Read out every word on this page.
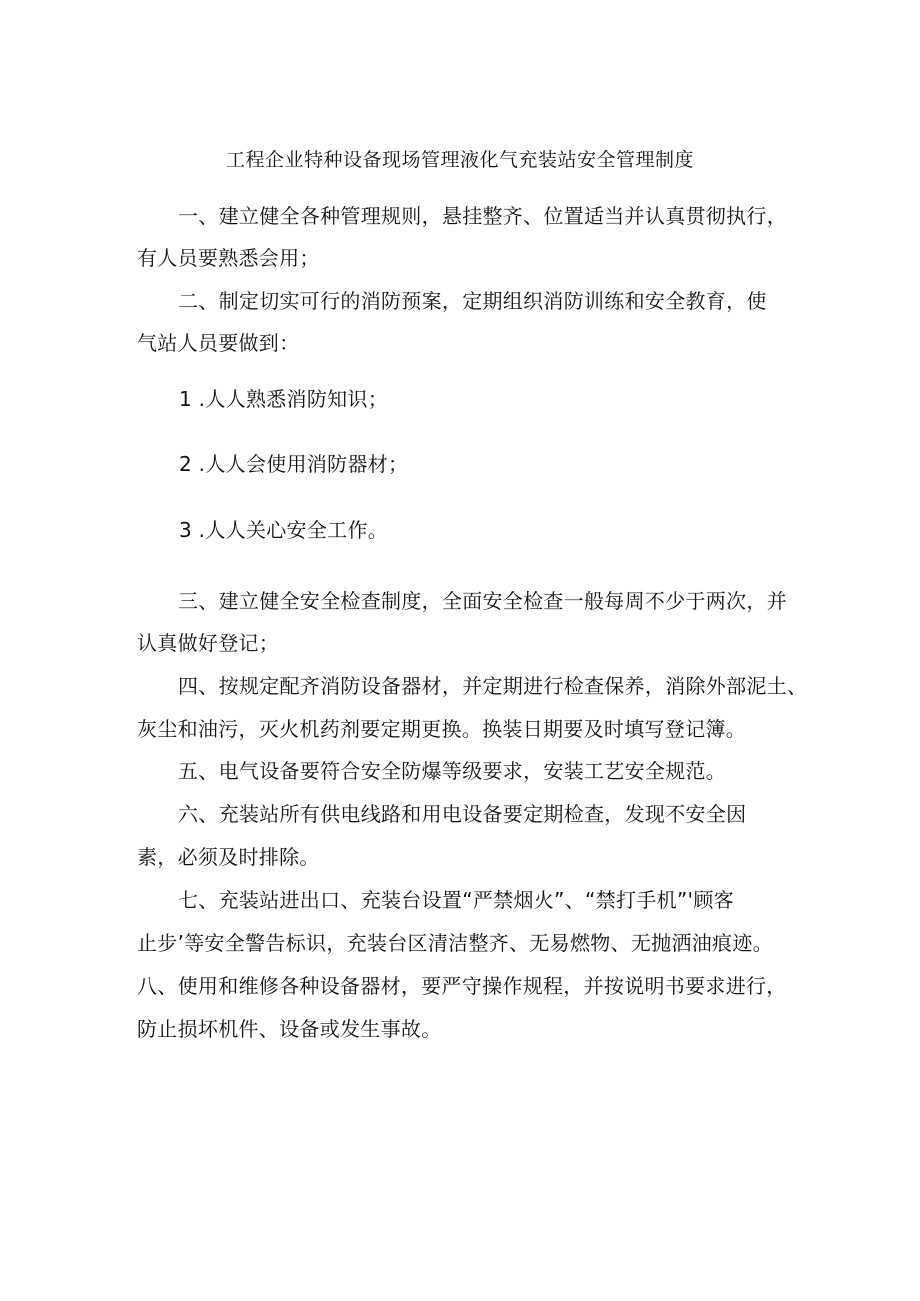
工程企业特种设备现场管理液化气充装站安全管理制度
一、建立健全各种管理规则，悬挂整齐、位置适当并认真贯彻执行，
有人员要熟悉会用；
二、制定切实可行的消防预案，定期组织消防训练和安全教育，使
气站人员要做到：
1 .人人熟悉消防知识；
2 .人人会使用消防器材；
3 .人人关心安全工作。
三、建立健全安全检查制度，全面安全检查一般每周不少于两次，并
认真做好登记；
四、按规定配齐消防设备器材，并定期进行检查保养，消除外部泥土、
灰尘和油污，灭火机药剂要定期更换。换装日期要及时填写登记簿。
五、电气设备要符合安全防爆等级要求，安装工艺安全规范。
六、充装站所有供电线路和用电设备要定期检查，发现不安全因
素，必须及时排除。
七、充装站进出口、充装台设置“严禁烟火”、“禁打手机”'顾客
止步’等安全警告标识，充装台区清洁整齐、无易燃物、无抛洒油痕迹。
八、使用和维修各种设备器材，要严守操作规程，并按说明书要求进行，
防止损坏机件、设备或发生事故。
